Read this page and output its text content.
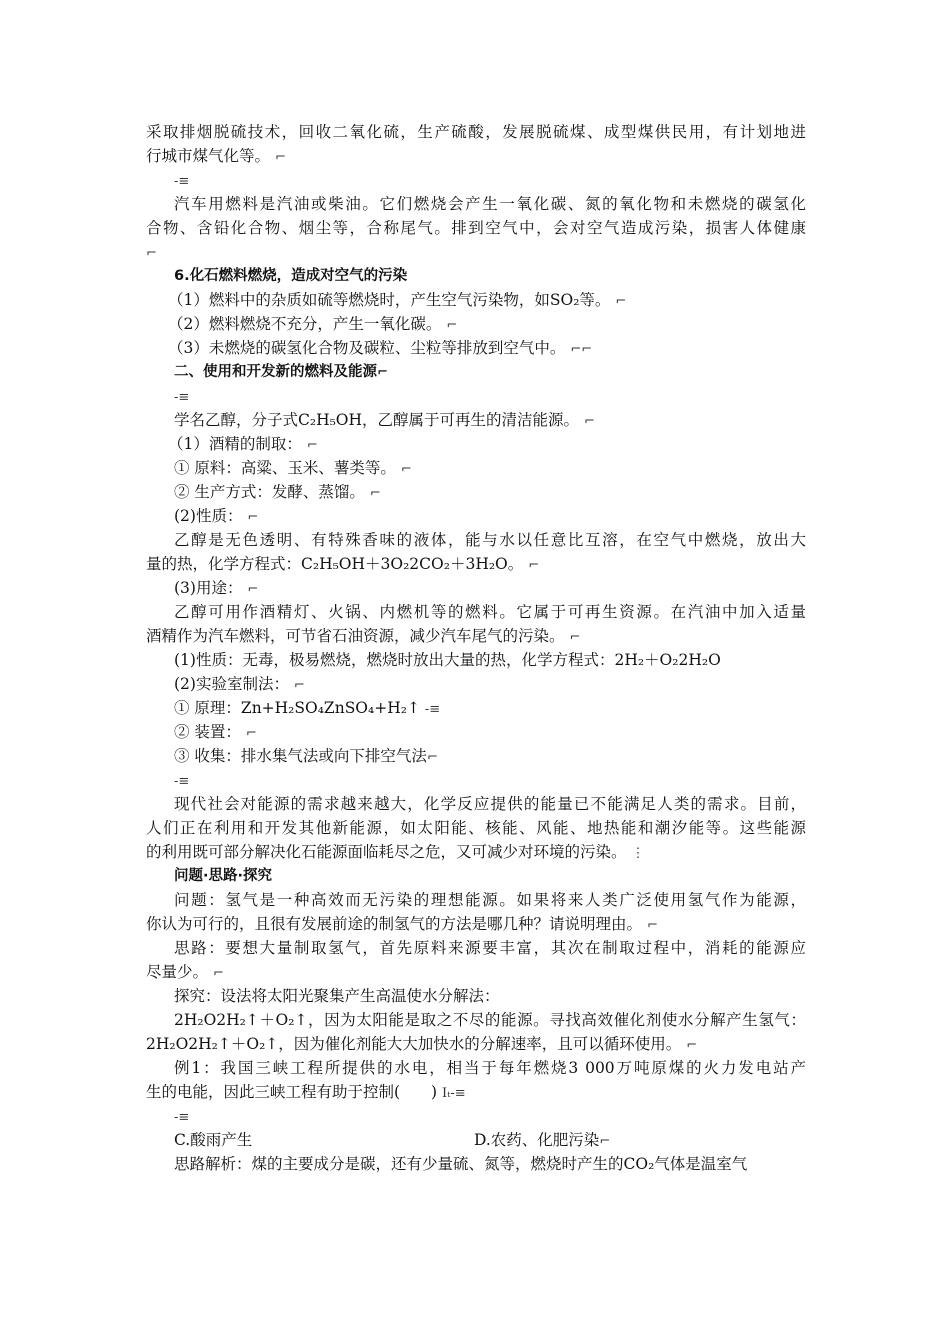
采取排烟脱硫技术，回收二氧化硫，生产硫酸，发展脱硫煤、成型煤供民用，有计划地进
行城市煤气化等。 ⌐
-≡
汽车用燃料是汽油或柴油。它们燃烧会产生一氧化碳、氮的氧化物和未燃烧的碳氢化
合物、含铅化合物、烟尘等，合称尾气。排到空气中，会对空气造成污染，损害人体健康
⌐
6.化石燃料燃烧，造成对空气的污染
（1）燃料中的杂质如硫等燃烧时，产生空气污染物，如SO₂等。 ⌐
（2）燃料燃烧不充分，产生一氧化碳。 ⌐
（3）未燃烧的碳氢化合物及碳粒、尘粒等排放到空气中。 ⌐⌐
二、使用和开发新的燃料及能源⌐
-≡
学名乙醇，分子式C₂H₅OH，乙醇属于可再生的清洁能源。 ⌐
（1）酒精的制取： ⌐
① 原料：高粱、玉米、薯类等。 ⌐
② 生产方式：发酵、蒸馏。 ⌐
(2)性质： ⌐
乙醇是无色透明、有特殊香味的液体，能与水以任意比互溶，在空气中燃烧，放出大
量的热，化学方程式：C₂H₅OH＋3O₂2CO₂＋3H₂O。 ⌐
(3)用途： ⌐
乙醇可用作酒精灯、火锅、内燃机等的燃料。它属于可再生资源。在汽油中加入适量
酒精作为汽车燃料，可节省石油资源，减少汽车尾气的污染。 ⌐
(1)性质：无毒，极易燃烧，燃烧时放出大量的热，化学方程式：2H₂＋O₂2H₂O
(2)实验室制法： ⌐
① 原理：Zn+H₂SO₄ZnSO₄+H₂↑ -≡
② 装置： ⌐
③ 收集：排水集气法或向下排空气法⌐
-≡
现代社会对能源的需求越来越大，化学反应提供的能量已不能满足人类的需求。目前，
人们正在利用和开发其他新能源，如太阳能、核能、风能、地热能和潮汐能等。这些能源
的利用既可部分解决化石能源面临耗尽之危，又可减少对环境的污染。 ⋮
问题·思路·探究
问题：氢气是一种高效而无污染的理想能源。如果将来人类广泛使用氢气作为能源，
你认为可行的，且很有发展前途的制氢气的方法是哪几种？请说明理由。 ⌐
思路：要想大量制取氢气，首先原料来源要丰富，其次在制取过程中，消耗的能源应
尽量少。 ⌐
探究：设法将太阳光聚集产生高温使水分解法：
2H₂O2H₂↑＋O₂↑，因为太阳能是取之不尽的能源。寻找高效催化剂使水分解产生氢气：
2H₂O2H₂↑＋O₂↑，因为催化剂能大大加快水的分解速率，且可以循环使用。 ⌐
例1：我国三峡工程所提供的水电，相当于每年燃烧3 000万吨原煤的火力发电站产
生的电能，因此三峡工程有助于控制(　　) Iₜ-≡
-≡
C.酸雨产生	D.农药、化肥污染⌐
思路解析：煤的主要成分是碳，还有少量硫、氮等，燃烧时产生的CO₂气体是温室气
